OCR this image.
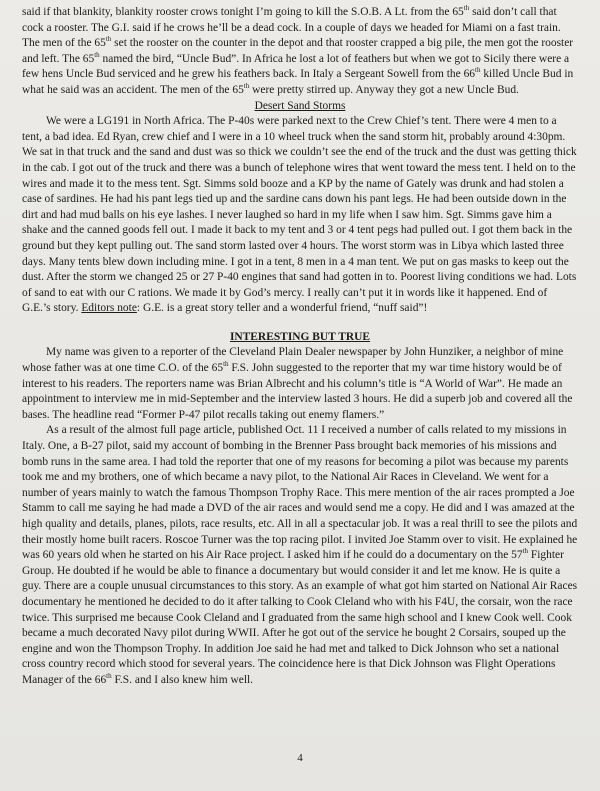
said if that blankity, blankity rooster crows tonight I’m going to kill the S.O.B. A Lt. from the 65th said don’t call that cock a rooster. The G.I. said if he crows he’ll be a dead cock. In a couple of days we headed for Miami on a fast train. The men of the 65th set the rooster on the counter in the depot and that rooster crapped a big pile, the men got the rooster and left. The 65th named the bird, “Uncle Bud”. In Africa he lost a lot of feathers but when we got to Sicily there were a few hens Uncle Bud serviced and he grew his feathers back. In Italy a Sergeant Sowell from the 66th killed Uncle Bud in what he said was an accident. The men of the 65th were pretty stirred up. Anyway they got a new Uncle Bud.

Desert Sand Storms

We were a LG191 in North Africa. The P-40s were parked next to the Crew Chief’s tent. There were 4 men to a tent, a bad idea. Ed Ryan, crew chief and I were in a 10 wheel truck when the sand storm hit, probably around 4:30pm. We sat in that truck and the sand and dust was so thick we couldn’t see the end of the truck and the dust was getting thick in the cab. I got out of the truck and there was a bunch of telephone wires that went toward the mess tent. I held on to the wires and made it to the mess tent. Sgt. Simms sold booze and a KP by the name of Gately was drunk and had stolen a case of sardines. He had his pant legs tied up and the sardine cans down his pant legs. He had been outside down in the dirt and had mud balls on his eye lashes. I never laughed so hard in my life when I saw him. Sgt. Simms gave him a shake and the canned goods fell out. I made it back to my tent and 3 or 4 tent pegs had pulled out. I got them back in the ground but they kept pulling out. The sand storm lasted over 4 hours. The worst storm was in Libya which lasted three days. Many tents blew down including mine. I got in a tent, 8 men in a 4 man tent. We put on gas masks to keep out the dust. After the storm we changed 25 or 27 P-40 engines that sand had gotten in to. Poorest living conditions we had. Lots of sand to eat with our C rations. We made it by God’s mercy. I really can’t put it in words like it happened. End of G.E.’s story. Editors note: G.E. is a great story teller and a wonderful friend, “nuff said”!

INTERESTING BUT TRUE

My name was given to a reporter of the Cleveland Plain Dealer newspaper by John Hunziker, a neighbor of mine whose father was at one time C.O. of the 65th F.S. John suggested to the reporter that my war time history would be of interest to his readers. The reporters name was Brian Albrecht and his column’s title is “A World of War”. He made an appointment to interview me in mid-September and the interview lasted 3 hours. He did a superb job and covered all the bases. The headline read “Former P-47 pilot recalls taking out enemy flamers.”

As a result of the almost full page article, published Oct. 11 I received a number of calls related to my missions in Italy. One, a B-27 pilot, said my account of bombing in the Brenner Pass brought back memories of his missions and bomb runs in the same area. I had told the reporter that one of my reasons for becoming a pilot was because my parents took me and my brothers, one of which became a navy pilot, to the National Air Races in Cleveland. We went for a number of years mainly to watch the famous Thompson Trophy Race. This mere mention of the air races prompted a Joe Stamm to call me saying he had made a DVD of the air races and would send me a copy. He did and I was amazed at the high quality and details, planes, pilots, race results, etc. All in all a spectacular job. It was a real thrill to see the pilots and their mostly home built racers. Roscoe Turner was the top racing pilot. I invited Joe Stamm over to visit. He explained he was 60 years old when he started on his Air Race project. I asked him if he could do a documentary on the 57th Fighter Group. He doubted if he would be able to finance a documentary but would consider it and let me know. He is quite a guy. There are a couple unusual circumstances to this story. As an example of what got him started on National Air Races documentary he mentioned he decided to do it after talking to Cook Cleland who with his F4U, the corsair, won the race twice. This surprised me because Cook Cleland and I graduated from the same high school and I knew Cook well. Cook became a much decorated Navy pilot during WWII. After he got out of the service he bought 2 Corsairs, souped up the engine and won the Thompson Trophy. In addition Joe said he had met and talked to Dick Johnson who set a national cross country record which stood for several years. The coincidence here is that Dick Johnson was Flight Operations Manager of the 66th F.S. and I also knew him well.

4
